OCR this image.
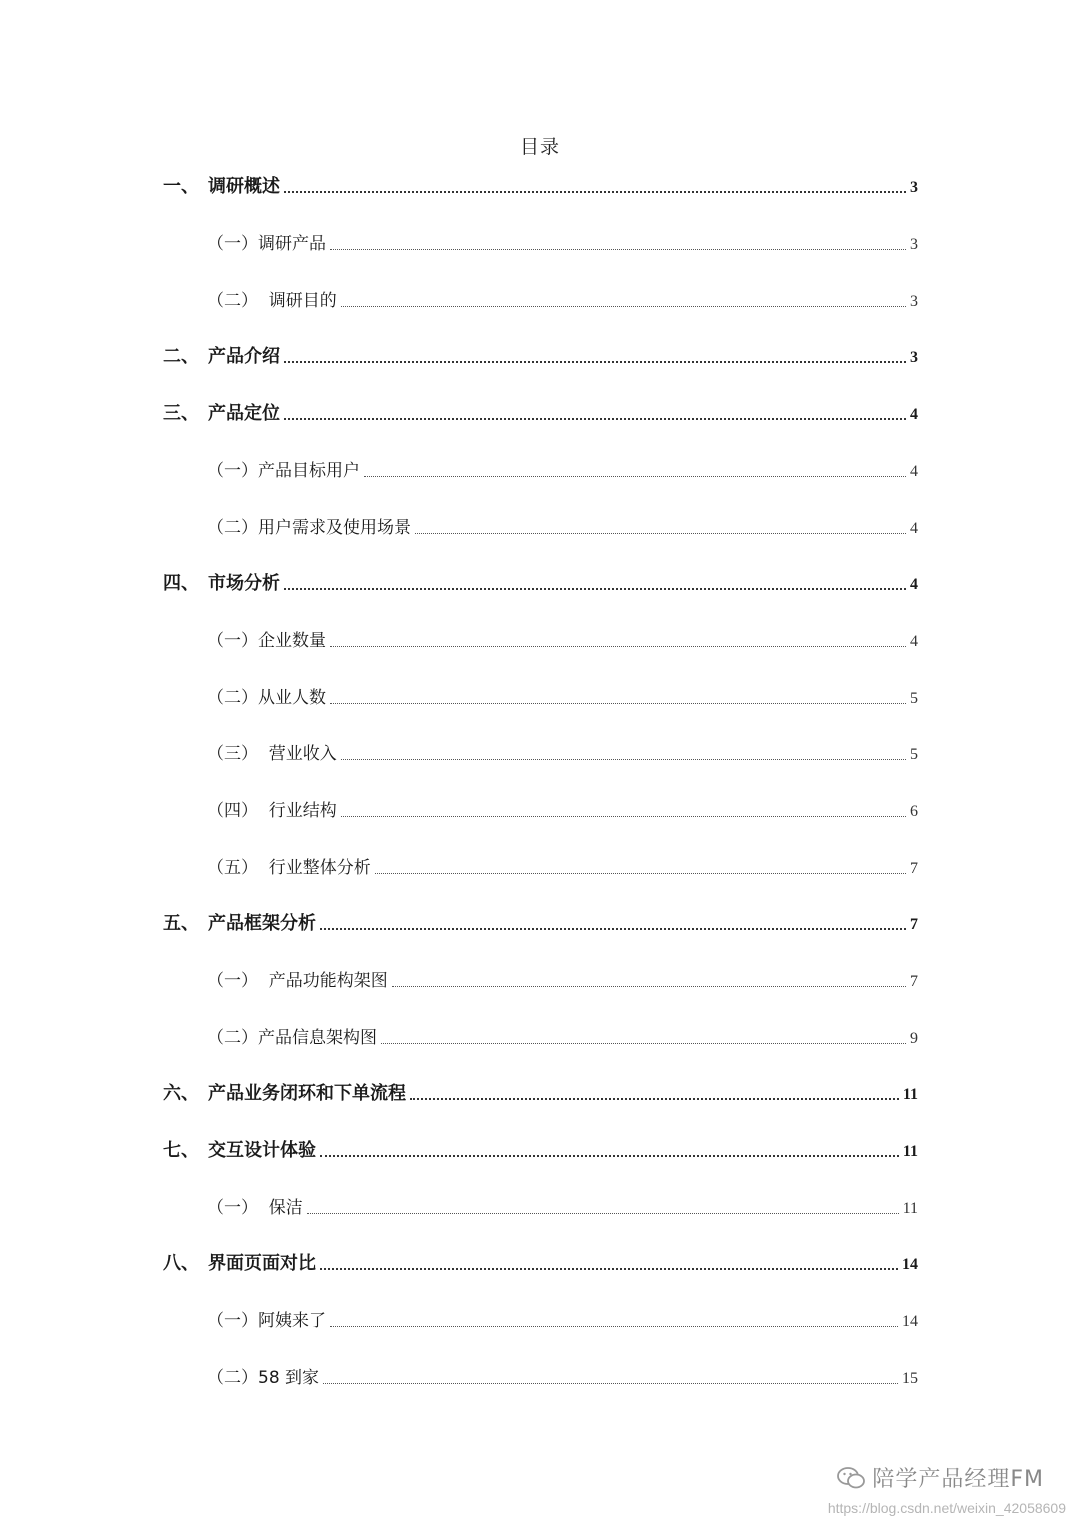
目录
一、 调研概述	3
（一）调研产品	3
（二）  调研目的	3
二、 产品介绍	3
三、 产品定位	4
（一）产品目标用户	4
（二）用户需求及使用场景	4
四、 市场分析	4
（一）企业数量	4
（二）从业人数	5
（三）  营业收入	5
（四）  行业结构	6
（五）  行业整体分析	7
五、 产品框架分析	7
（一）  产品功能构架图	7
（二）产品信息架构图	9
六、 产品业务闭环和下单流程	11
七、 交互设计体验	11
（一）  保洁	11
八、 界面页面对比	14
（一）阿姨来了	14
（二）58 到家	15
陪学产品经理FM
https://blog.csdn.net/weixin_42058609
